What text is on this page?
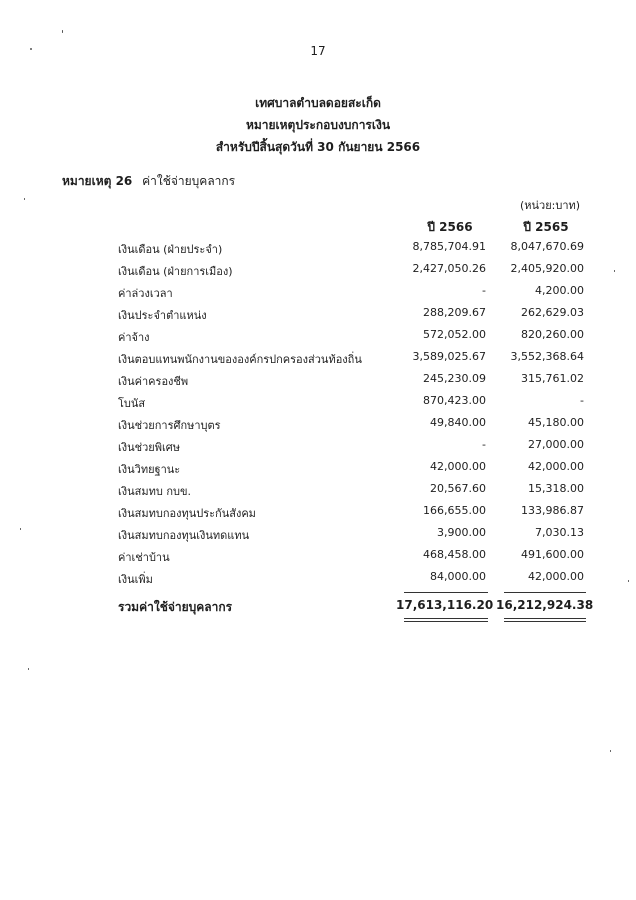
17
เทศบาลตำบลดอยสะเก็ด
หมายเหตุประกอบงบการเงิน
สำหรับปีสิ้นสุดวันที่ 30 กันยายน 2566
หมายเหตุ 26 ค่าใช้จ่ายบุคลากร
(หน่วย:บาท)
ปี 2566	ปี 2565
เงินเดือน (ฝ่ายประจำ)	8,785,704.91	8,047,670.69
เงินเดือน (ฝ่ายการเมือง)	2,427,050.26	2,405,920.00
ค่าล่วงเวลา	-	4,200.00
เงินประจำตำแหน่ง	288,209.67	262,629.03
ค่าจ้าง	572,052.00	820,260.00
เงินตอบแทนพนักงานขององค์กรปกครองส่วนท้องถิ่น	3,589,025.67	3,552,368.64
เงินค่าครองชีพ	245,230.09	315,761.02
โบนัส	870,423.00	-
เงินช่วยการศึกษาบุตร	49,840.00	45,180.00
เงินช่วยพิเศษ	-	27,000.00
เงินวิทยฐานะ	42,000.00	42,000.00
เงินสมทบ กบข.	20,567.60	15,318.00
เงินสมทบกองทุนประกันสังคม	166,655.00	133,986.87
เงินสมทบกองทุนเงินทดแทน	3,900.00	7,030.13
ค่าเช่าบ้าน	468,458.00	491,600.00
เงินเพิ่ม	84,000.00	42,000.00
รวมค่าใช้จ่ายบุคลากร	17,613,116.20 16,212,924.38
